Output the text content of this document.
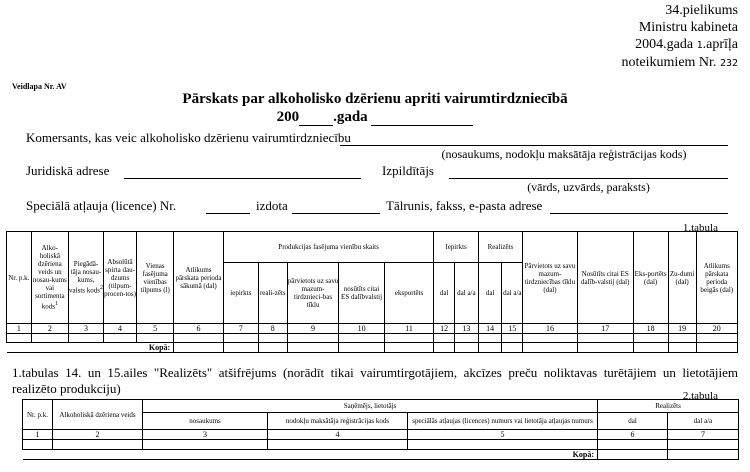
34.pielikums
Ministru kabineta
2004.gada 1.aprīļa
noteikumiem Nr. 232
Veidlapa Nr. AV
Pārskats par alkoholisko dzērienu apriti vairumtirdzniecībā
200 .gada
Komersants, kas veic alkoholisko dzērienu vairumtirdzniecību
(nosaukums, nodokļu maksātāja reģistrācijas kods)
Juridiskā adrese	Izpildītājs
(vārds, uzvārds, paraksts)
Speciālā atļauja (licence) Nr.	izdota	Tālrunis, fakss, e-pasta adrese
1.tabula
Nr. p.k.	Alko-holiskā dzēriena veids un nosau-kums vai sortimenta kods$^1$	Piegādā-tāja nosau-kums, valsts kods$^2$	Absolūtā spirta dau-dzums (tilpum-procen-tos)	Vienas fasējuma vienības tilpums (l)	Atlikums pārskata perioda sākumā (dal)	Produkcijas fasējuma vienību skaits					Iepirkts		Realizēts		Pārvietots uz savu mazum-tirdzniecības tīklu (dal)	Nosūtīts citai ES dalīb-valstij (dal)	Eks-portēts (dal)	Zu-dumi (dal)	Atlikums pārskata perioda beigās (dal)
						iepirkts	reali-zēts	pārvietots uz savu mazum-tirdznieci-bas tīklu	nosūtīts citai ES dalībvalstij	eksportēts	dal	dal a/a	dal	dal a/a					
1	2	3	4	5	6	7	8	9	10	11	12	13	14	15	16	17	18	19	20

Kopā:																			
1.tabulas 14. un 15.ailes "Realizēts" atšifrējums (norādīt tikai vairumtirgotājiem, akcīzes preču noliktavas turētājiem un lietotājiem realizēto produkciju)	2.tabula
Nr. p.k.	Alkoholiskā dzēriena veids	Saņēmējs, lietotājs			Realizēts	
		nosaukums	nodokļu maksātāja reģistrācijas kods	speciālās atļaujas (licences) numurs vai lietotāja atļaujas numurs	dal	dal a/a
1	2	3	4	5	6	7

Kopā:						
